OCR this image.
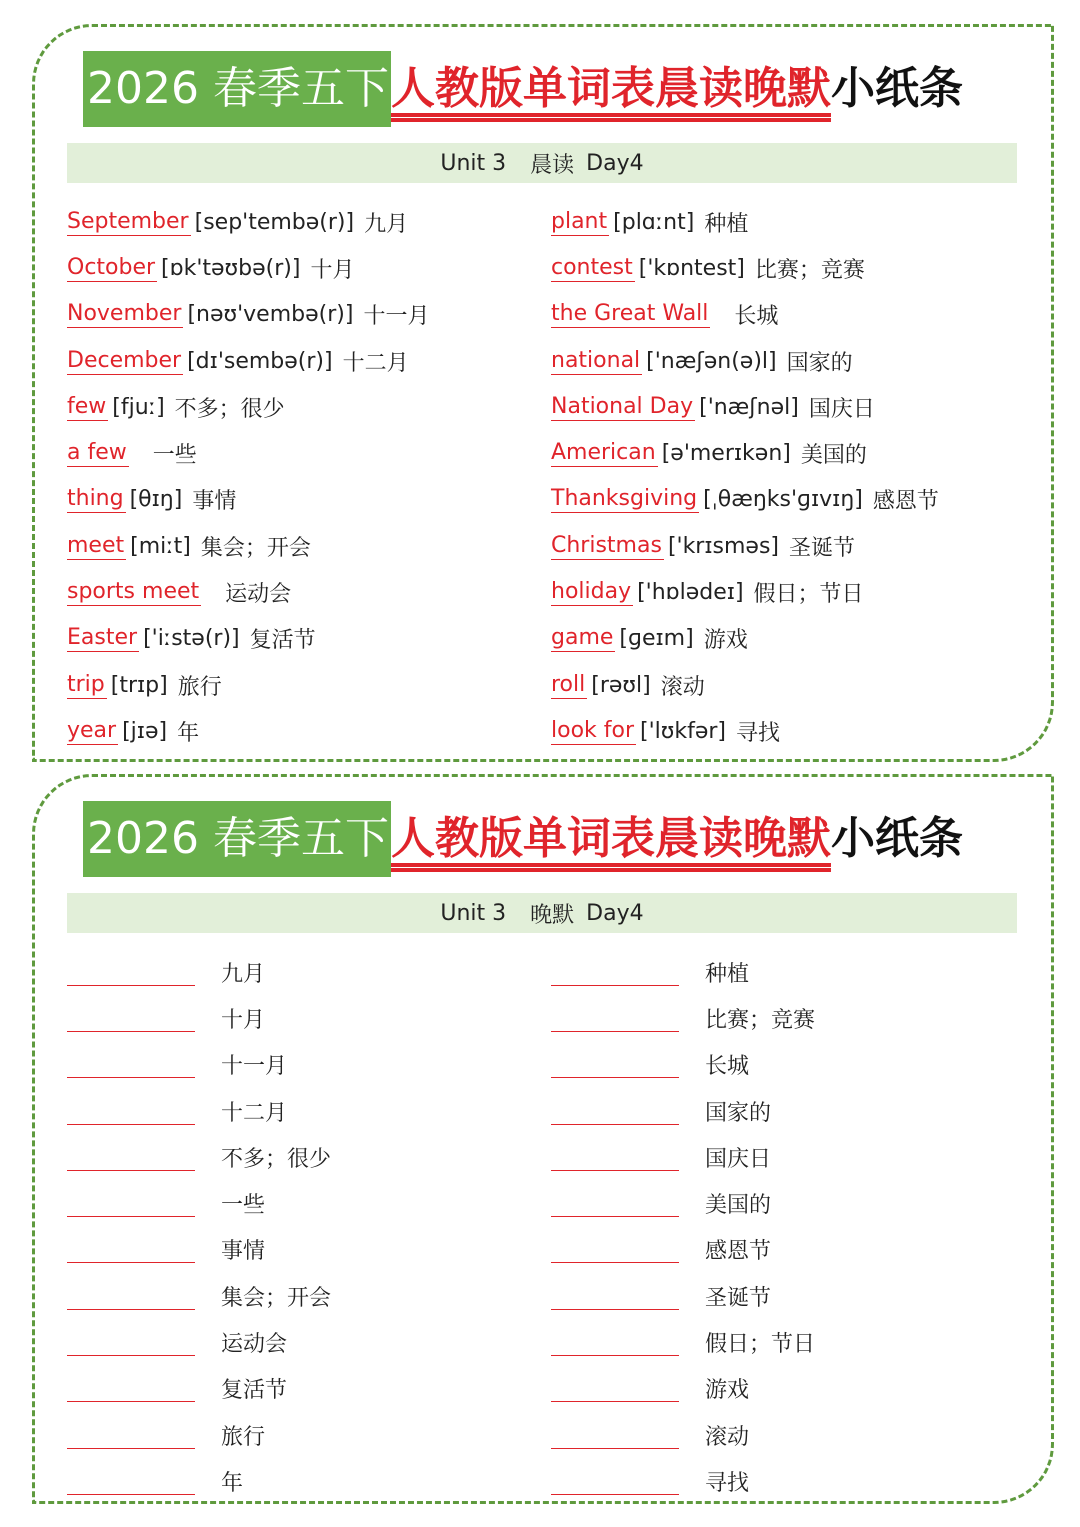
2026 春季五下 人教版单词表晨读晚默 小纸条
Unit 3 晨读 Day4
September [sep'tembə(r)] 九月
October [ɒk'təʊbə(r)] 十月
November [nəʊ'vembə(r)] 十一月
December [dɪ'sembə(r)] 十二月
few [fjuː] 不多；很少
a few 一些
thing [θɪŋ] 事情
meet [miːt] 集会；开会
sports meet 运动会
Easter ['iːstə(r)] 复活节
trip [trɪp] 旅行
year [jɪə] 年
plant [plɑːnt] 种植
contest ['kɒntest] 比赛；竞赛
the Great Wall 长城
national ['næʃən(ə)l] 国家的
National Day ['næʃnəl] 国庆日
American [ə'merɪkən] 美国的
Thanksgiving [ˌθæŋks'ɡɪvɪŋ] 感恩节
Christmas ['krɪsməs] 圣诞节
holiday ['hɒlədeɪ] 假日；节日
game [ɡeɪm] 游戏
roll [rəʊl] 滚动
look for ['lʊkfər] 寻找
2026 春季五下 人教版单词表晨读晚默 小纸条
Unit 3 晚默 Day4
九月
十月
十一月
十二月
不多；很少
一些
事情
集会；开会
运动会
复活节
旅行
年
种植
比赛；竞赛
长城
国家的
国庆日
美国的
感恩节
圣诞节
假日；节日
游戏
滚动
寻找
